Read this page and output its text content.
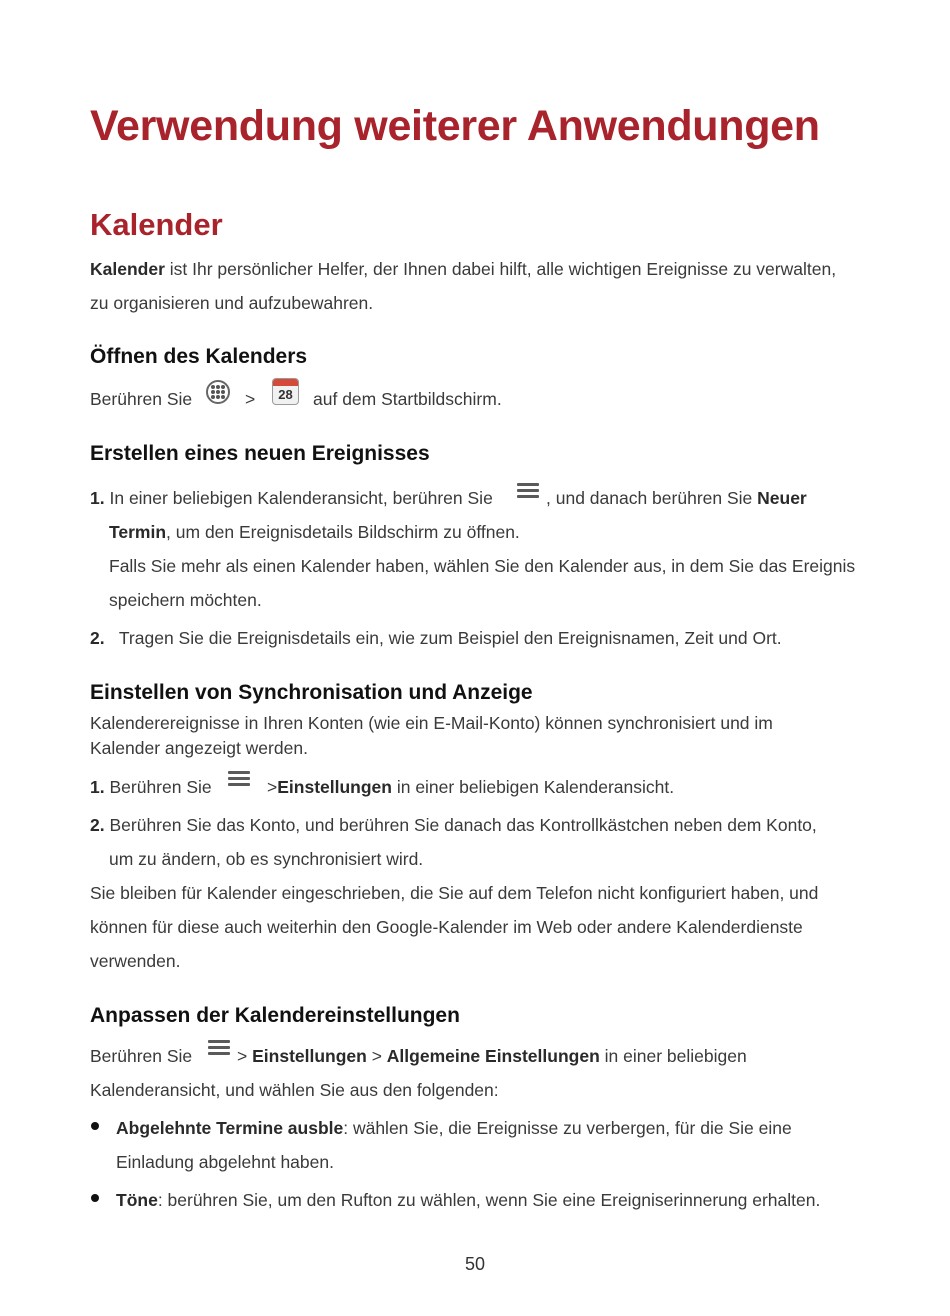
Verwendung weiterer Anwendungen
Kalender

Kalender ist Ihr persönlicher Helfer, der Ihnen dabei hilft, alle wichtigen Ereignisse zu verwalten,

zu organisieren und aufzubewahren.

Öffnen des Kalenders

Berühren Sie	>	28	auf dem Startbildschirm.

Erstellen eines neuen Ereignisses

1. In einer beliebigen Kalenderansicht, berühren Sie	, und danach berühren Sie Neuer

Termin, um den Ereignisdetails Bildschirm zu öffnen.

Falls Sie mehr als einen Kalender haben, wählen Sie den Kalender aus, in dem Sie das Ereignis

speichern möchten.

2. Tragen Sie die Ereignisdetails ein, wie zum Beispiel den Ereignisnamen, Zeit und Ort.

Einstellen von Synchronisation und Anzeige

Kalenderereignisse in Ihren Konten (wie ein E-Mail-Konto) können synchronisiert und im

Kalender angezeigt werden.

1. Berühren Sie	>Einstellungen in einer beliebigen Kalenderansicht.

2. Berühren Sie das Konto, und berühren Sie danach das Kontrollkästchen neben dem Konto,

um zu ändern, ob es synchronisiert wird.

Sie bleiben für Kalender eingeschrieben, die Sie auf dem Telefon nicht konfiguriert haben, und

können für diese auch weiterhin den Google-Kalender im Web oder andere Kalenderdienste

verwenden.

Anpassen der Kalendereinstellungen

Berühren Sie	> Einstellungen > Allgemeine Einstellungen in einer beliebigen

Kalenderansicht, und wählen Sie aus den folgenden:

Abgelehnte Termine ausble: wählen Sie, die Ereignisse zu verbergen, für die Sie eine

Einladung abgelehnt haben.

Töne: berühren Sie, um den Rufton zu wählen, wenn Sie eine Ereigniserinnerung erhalten.

50
